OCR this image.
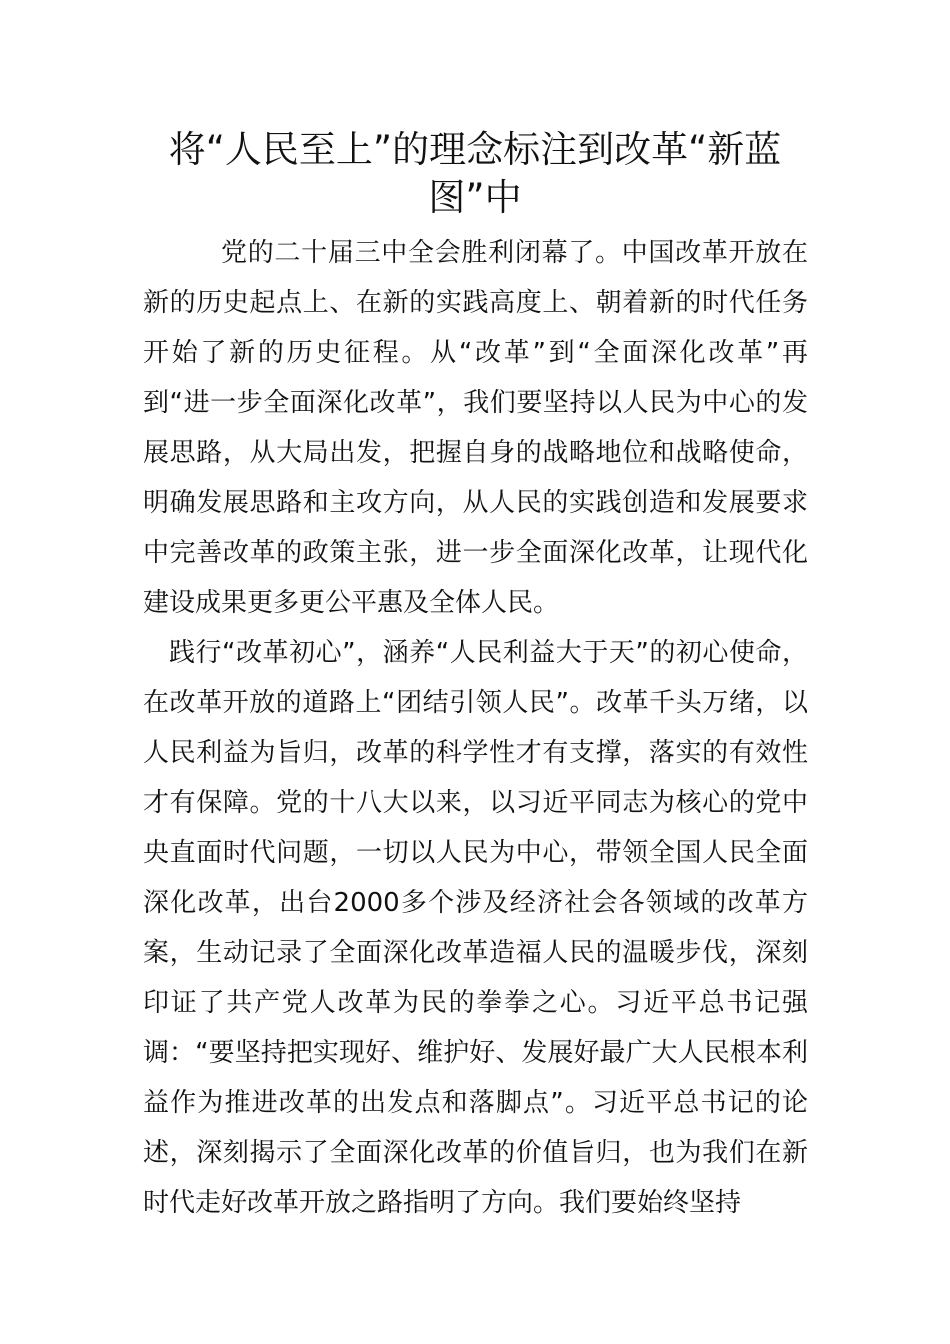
将“人民至上”的理念标注到改革“新蓝图”中

党的二十届三中全会胜利闭幕了。中国改革开放在新的历史起点上、在新的实践高度上、朝着新的时代任务开始了新的历史征程。从“改革”到“全面深化改革”再到“进一步全面深化改革”，我们要坚持以人民为中心的发展思路，从大局出发，把握自身的战略地位和战略使命，明确发展思路和主攻方向，从人民的实践创造和发展要求中完善改革的政策主张，进一步全面深化改革，让现代化建设成果更多更公平惠及全体人民。

践行“改革初心”，涵养“人民利益大于天”的初心使命，在改革开放的道路上“团结引领人民”。改革千头万绪，以人民利益为旨归，改革的科学性才有支撑，落实的有效性才有保障。党的十八大以来，以习近平同志为核心的党中央直面时代问题，一切以人民为中心，带领全国人民全面深化改革，出台2000多个涉及经济社会各领域的改革方案，生动记录了全面深化改革造福人民的温暖步伐，深刻印证了共产党人改革为民的拳拳之心。习近平总书记强调：“要坚持把实现好、维护好、发展好最广大人民根本利益作为推进改革的出发点和落脚点”。习近平总书记的论述，深刻揭示了全面深化改革的价值旨归，也为我们在新时代走好改革开放之路指明了方向。我们要始终坚持
